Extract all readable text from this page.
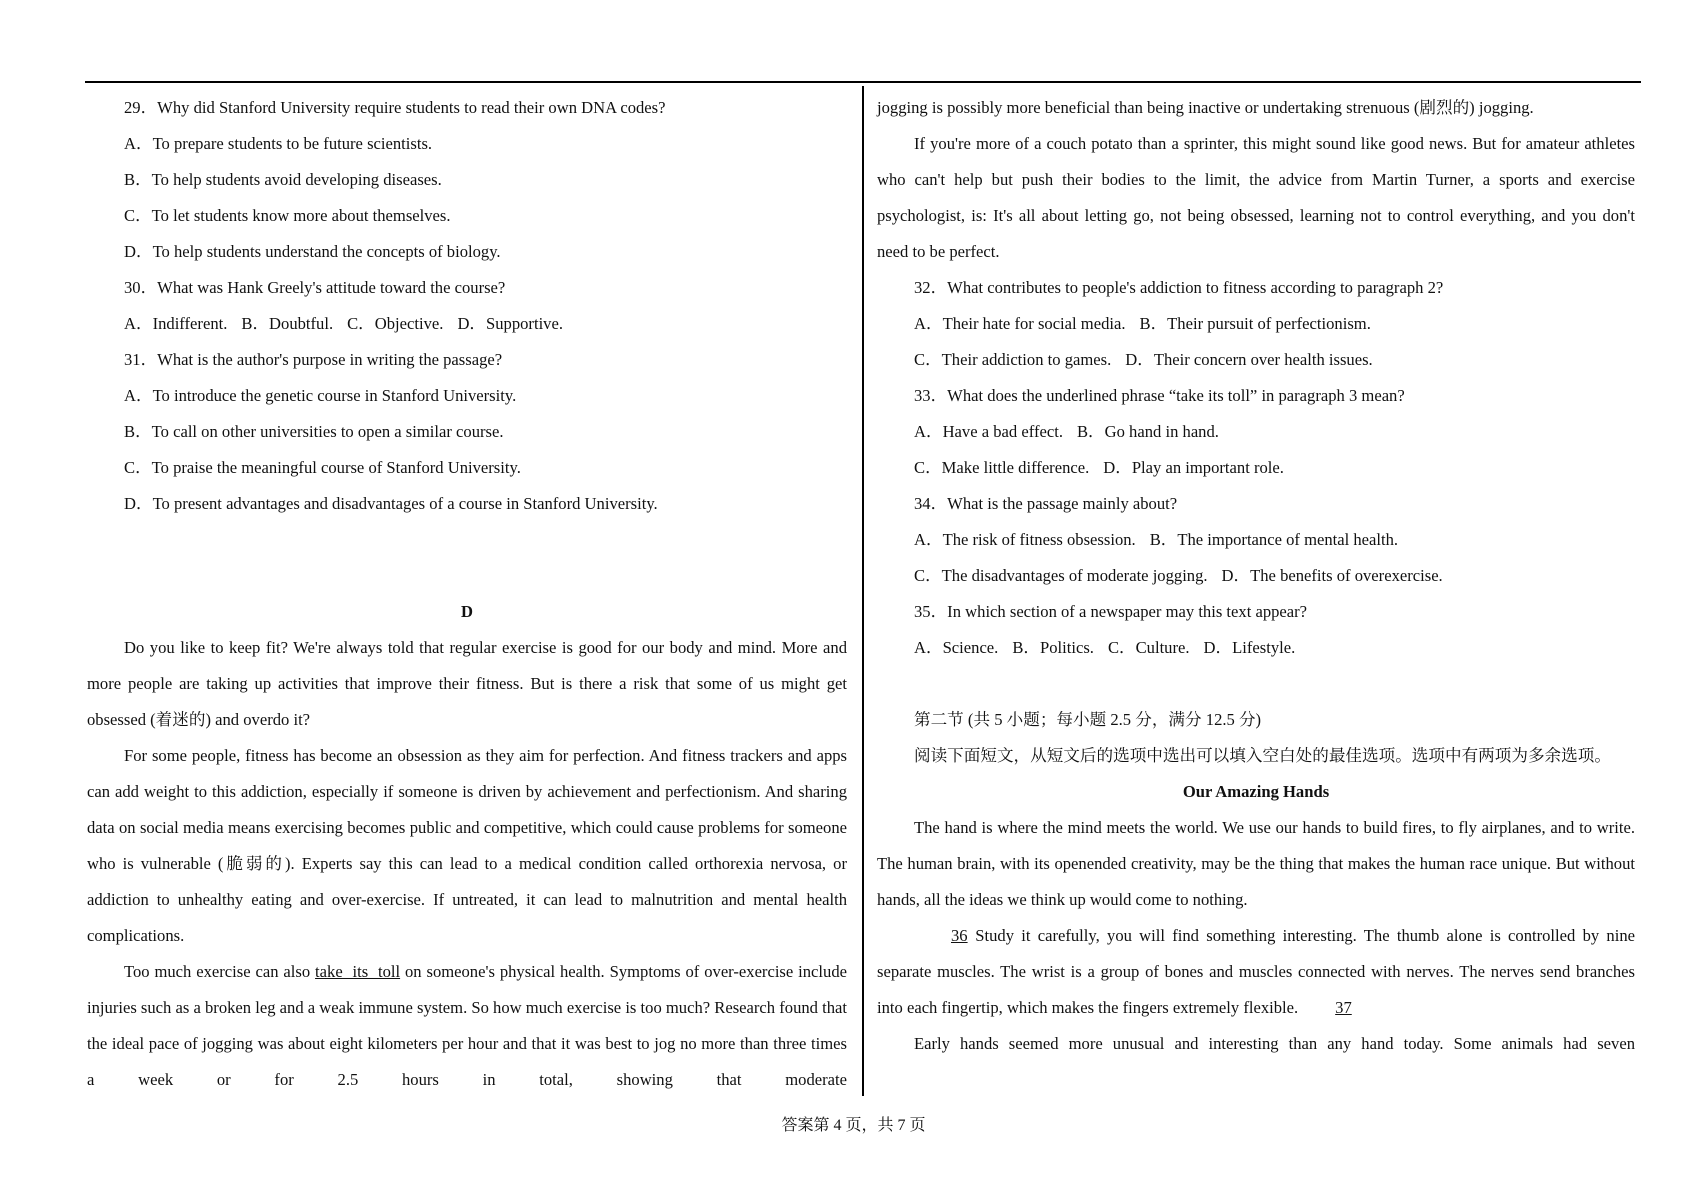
29．Why did Stanford University require students to read their own DNA codes?

A．To prepare students to be future scientists.

B．To help students avoid developing diseases.

C．To let students know more about themselves.

D．To help students understand the concepts of biology.

30．What was Hank Greely's attitude toward the course?

A．Indifferent. B．Doubtful. C．Objective. D．Supportive.

31．What is the author's purpose in writing the passage?

A．To introduce the genetic course in Stanford University.

B．To call on other universities to open a similar course.

C．To praise the meaningful course of Stanford University.

D．To present advantages and disadvantages of a course in Stanford University.

D

Do you like to keep fit? We're always told that regular exercise is good for our body and mind. More and more people are taking up activities that improve their fitness. But is there a risk that some of us might get obsessed (着迷的) and overdo it?

For some people, fitness has become an obsession as they aim for perfection. And fitness trackers and apps can add weight to this addiction, especially if someone is driven by achievement and perfectionism. And sharing data on social media means exercising becomes public and competitive, which could cause problems for someone who is vulnerable (脆弱的). Experts say this can lead to a medical condition called orthorexia nervosa, or addiction to unhealthy eating and over-exercise. If untreated, it can lead to malnutrition and mental health complications.

Too much exercise can also take  its  toll on someone's physical health. Symptoms of over-exercise include injuries such as a broken leg and a weak immune system. So how much exercise is too much? Research found that the ideal pace of jogging was about eight kilometers per hour and that it was best to jog no more than three times a week or for 2.5 hours in total, showing that moderate

jogging is possibly more beneficial than being inactive or undertaking strenuous (剧烈的) jogging.

If you're more of a couch potato than a sprinter, this might sound like good news. But for amateur athletes who can't help but push their bodies to the limit, the advice from Martin Turner, a sports and exercise psychologist, is: It's all about letting go, not being obsessed, learning not to control everything, and you don't need to be perfect.

32．What contributes to people's addiction to fitness according to paragraph 2?

A．Their hate for social media. B．Their pursuit of perfectionism.

C．Their addiction to games. D．Their concern over health issues.

33．What does the underlined phrase “take its toll” in paragraph 3 mean?

A．Have a bad effect. B．Go hand in hand.

C．Make little difference. D．Play an important role.

34．What is the passage mainly about?

A．The risk of fitness obsession. B．The importance of mental health.

C．The disadvantages of moderate jogging. D．The benefits of overexercise.

35．In which section of a newspaper may this text appear?

A．Science. B．Politics. C．Culture. D．Lifestyle.

第二节 (共 5 小题；每小题 2.5 分，满分 12.5 分)

阅读下面短文，从短文后的选项中选出可以填入空白处的最佳选项。选项中有两项为多余选项。

Our Amazing Hands

The hand is where the mind meets the world. We use our hands to build fires, to fly airplanes, and to write. The human brain, with its openended creativity, may be the thing that makes the human race unique. But without hands, all the ideas we think up would come to nothing.

36 Study it carefully, you will find something interesting. The thumb alone is controlled by nine separate muscles. The wrist is a group of bones and muscles connected with nerves. The nerves send branches into each fingertip, which makes the fingers extremely flexible. 37

Early hands seemed more unusual and interesting than any hand today. Some animals had seven

答案第 4 页，共 7 页
